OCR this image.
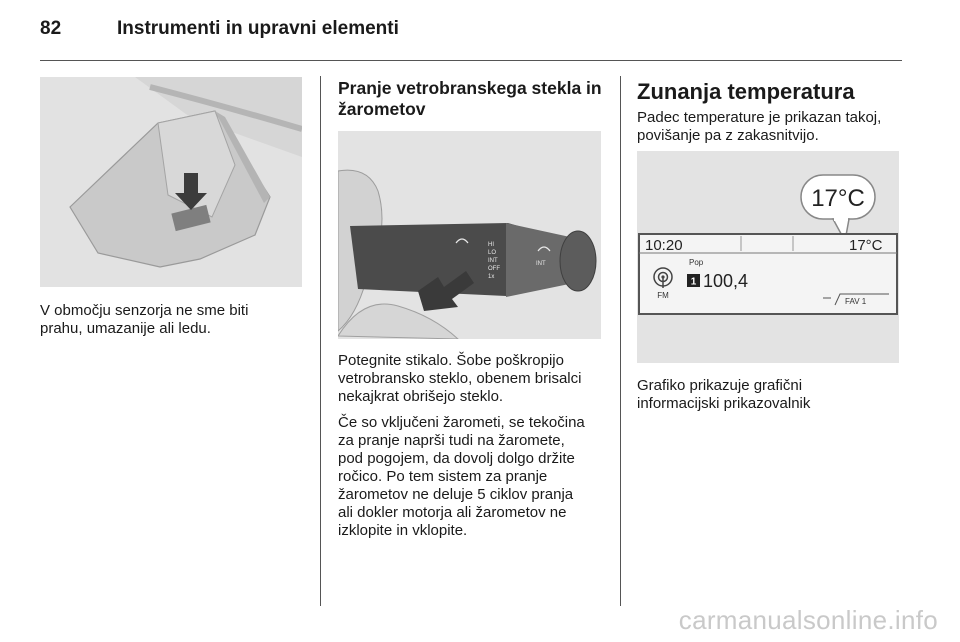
82	Instrumenti in upravni elementi
V območju senzorja ne sme biti
prahu, umazanije ali ledu.
Pranje vetrobranskega stekla in
žarometov
HI
LO
INT
OFF
1x
INT

Potegnite stikalo. Šobe poškropijo
vetrobransko steklo, obenem brisalci
nekajkrat obrišejo steklo.

Če so vključeni žarometi, se tekočina
za pranje naprši tudi na žaromete,
pod pogojem, da dovolj dolgo držite
ročico. Po tem sistem za pranje
žarometov ne deluje 5 ciklov pranja
ali dokler motorja ali žarometov ne
izklopite in vklopite.

Zunanja temperatura
Padec temperature je prikazan takoj,
povišanje pa z zakasnitvijo.
17°C
10:20	17°C
FM
Pop
1 100,4
FAV 1
Grafiko prikazuje grafični
informacijski prikazovalnik
carmanualsonline.info
